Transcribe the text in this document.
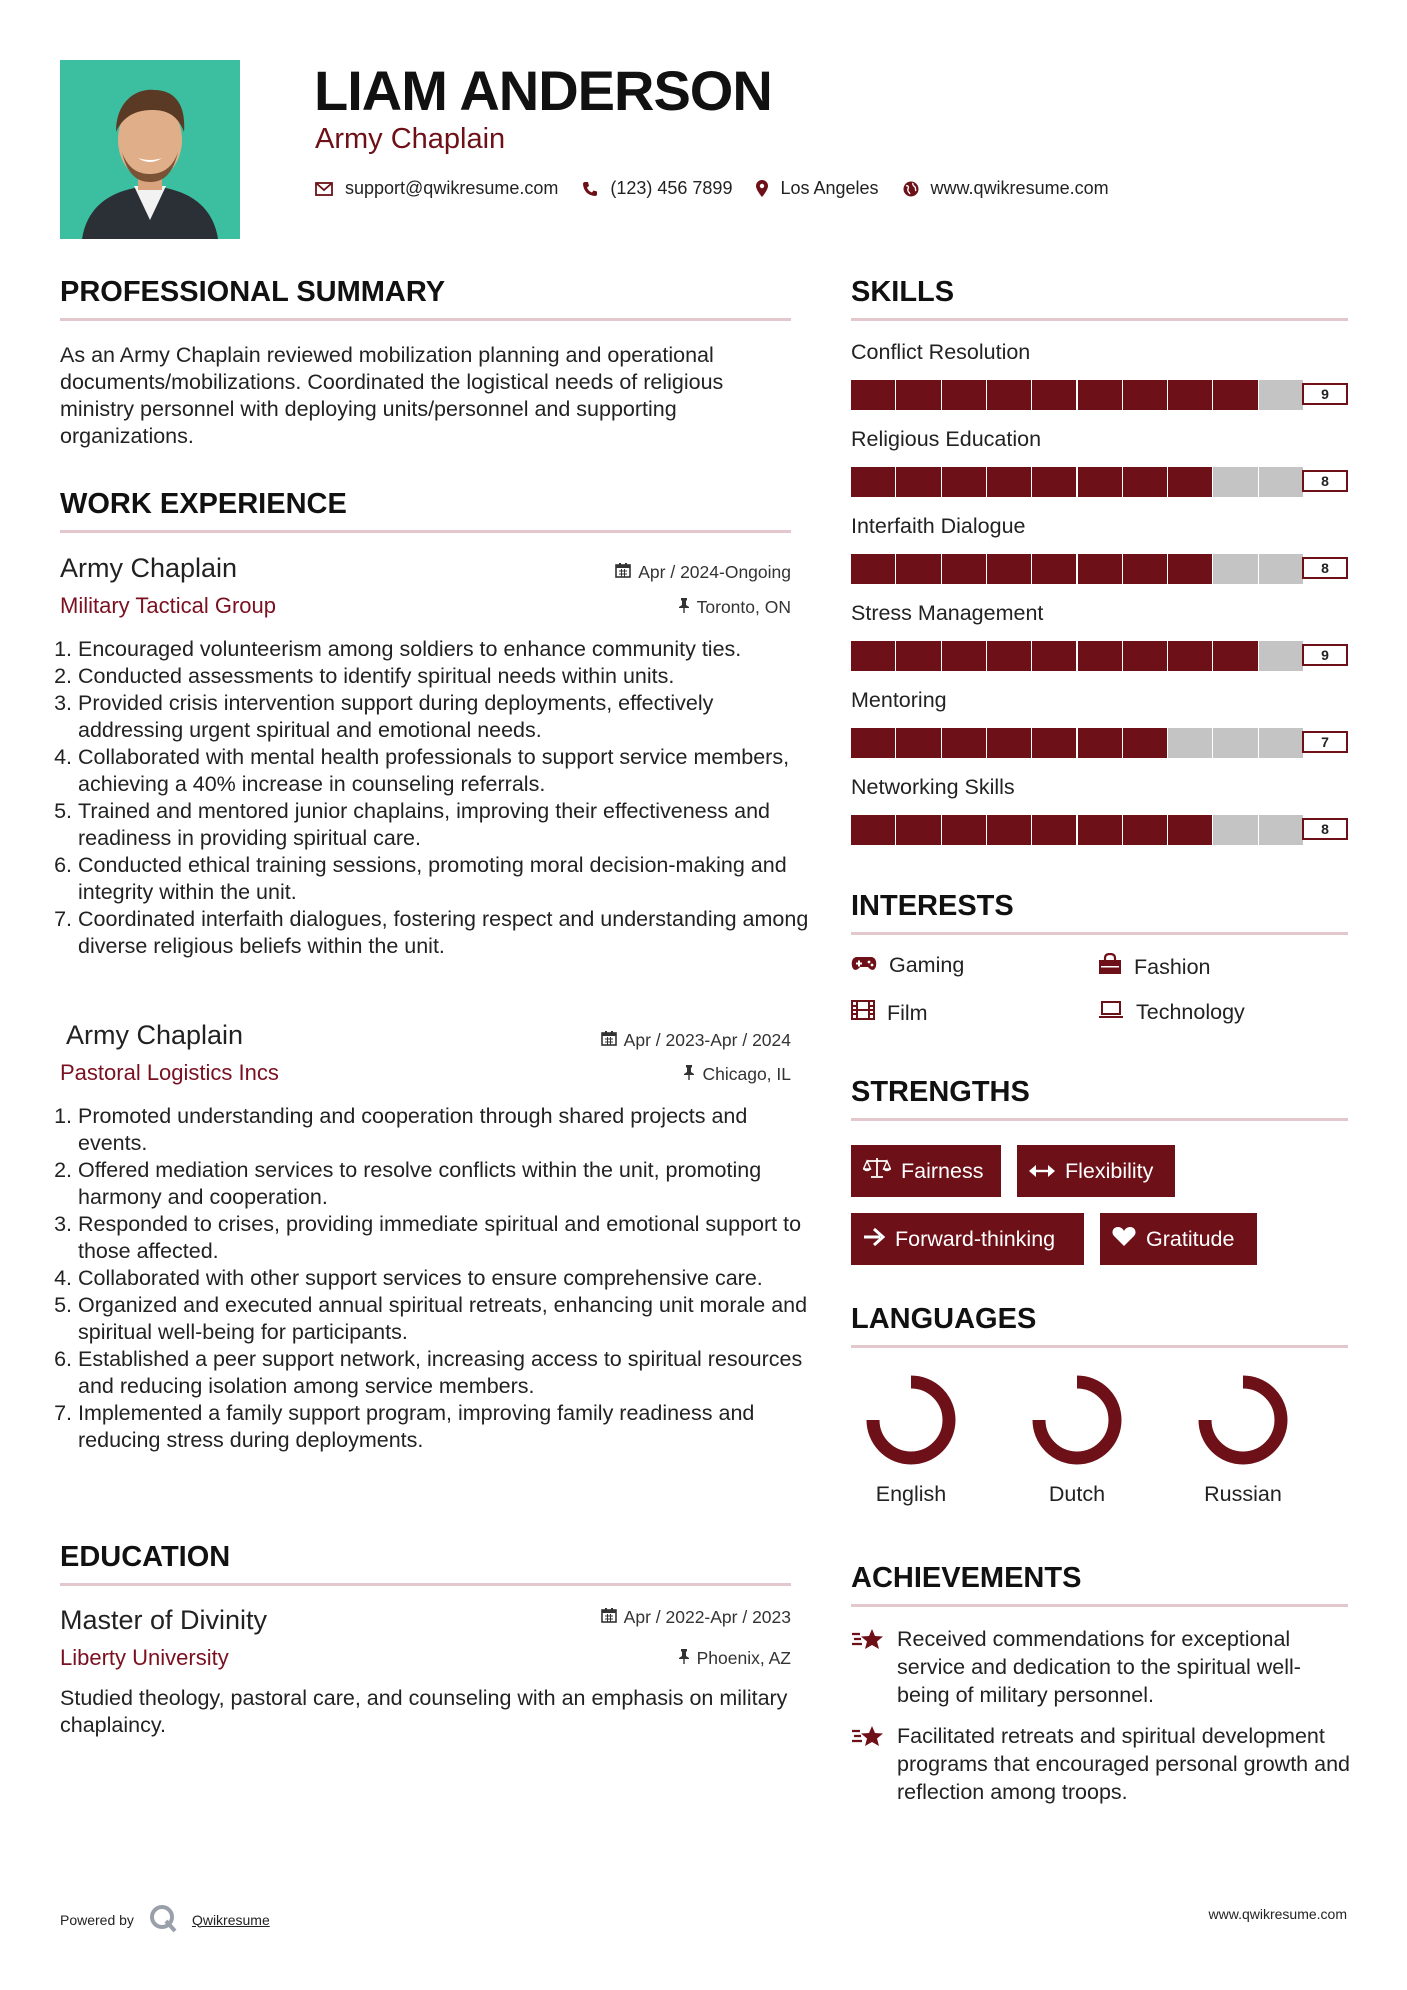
LIAM ANDERSON
Army Chaplain
support@qwikresume.com	(123) 456 7899	Los Angeles	www.qwikresume.com
PROFESSIONAL SUMMARY
As an Army Chaplain reviewed mobilization planning and operational documents/mobilizations. Coordinated the logistical needs of religious ministry personnel with deploying units/personnel and supporting organizations.
WORK EXPERIENCE
Army Chaplain
Military Tactical Group
Apr / 2024-Ongoing
Toronto, ON
1. Encouraged volunteerism among soldiers to enhance community ties.
2. Conducted assessments to identify spiritual needs within units.
3. Provided crisis intervention support during deployments, effectively addressing urgent spiritual and emotional needs.
4. Collaborated with mental health professionals to support service members, achieving a 40% increase in counseling referrals.
5. Trained and mentored junior chaplains, improving their effectiveness and readiness in providing spiritual care.
6. Conducted ethical training sessions, promoting moral decision-making and integrity within the unit.
7. Coordinated interfaith dialogues, fostering respect and understanding among diverse religious beliefs within the unit.
Army Chaplain
Pastoral Logistics Incs
Apr / 2023-Apr / 2024
Chicago, IL
1. Promoted understanding and cooperation through shared projects and events.
2. Offered mediation services to resolve conflicts within the unit, promoting harmony and cooperation.
3. Responded to crises, providing immediate spiritual and emotional support to those affected.
4. Collaborated with other support services to ensure comprehensive care.
5. Organized and executed annual spiritual retreats, enhancing unit morale and spiritual well-being for participants.
6. Established a peer support network, increasing access to spiritual resources and reducing isolation among service members.
7. Implemented a family support program, improving family readiness and reducing stress during deployments.
EDUCATION
Master of Divinity
Liberty University
Apr / 2022-Apr / 2023
Phoenix, AZ
Studied theology, pastoral care, and counseling with an emphasis on military chaplaincy.
SKILLS
Conflict Resolution
9
Religious Education
8
Interfaith Dialogue
8
Stress Management
9
Mentoring
7
Networking Skills
8
INTERESTS
Gaming	Fashion
Film	Technology
STRENGTHS
Fairness	Flexibility
Forward-thinking	Gratitude
LANGUAGES
English	Dutch	Russian
ACHIEVEMENTS
Received commendations for exceptional service and dedication to the spiritual well-being of military personnel.
Facilitated retreats and spiritual development programs that encouraged personal growth and reflection among troops.
Powered by	Qwikresume	www.qwikresume.com
